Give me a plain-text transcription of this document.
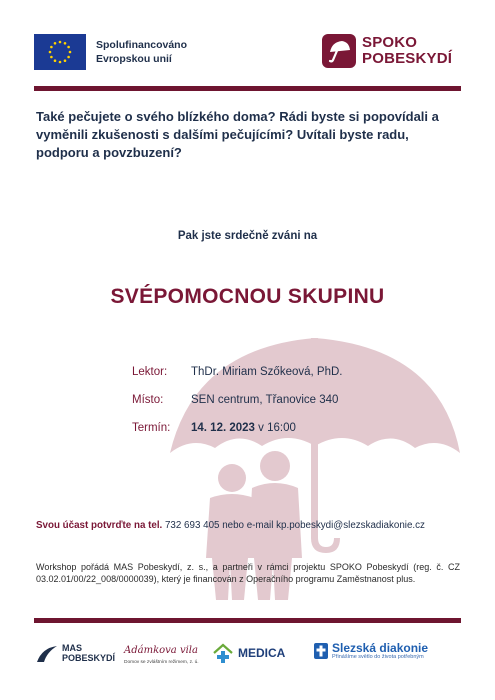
Spolufinancováno
Evropskou unií
SPOKO
POBESKYDÍ
Také pečujete o svého blízkého doma? Rádi byste si popovídali a vyměnili zkušenosti s dalšími pečujícími? Uvítali byste radu, podporu a povzbuzení?
Pak jste srdečně zváni na
SVÉPOMOCNOU SKUPINU
Lektor:	ThDr. Miriam Szőkeová, PhD.
Místo:	SEN centrum, Třanovice 340
Termín:	14. 12. 2023 v 16:00
Svou účast potvrďte na tel. 732 693 405 nebo e-mail kp.pobeskydi@slezskadiakonie.cz
Workshop pořádá MAS Pobeskydí, z. s., a partneři v rámci projektu SPOKO Pobeskydí (reg. č. CZ 03.02.01/00/22_008/0000039), který je financován z Operačního programu Zaměstnanost plus.
MAS
POBESKYDÍ
Adámkova vila
Domov se zvláštním režimem, z. ú.
MEDICA	Slezská diakonie
Přinášíme světlo do života potřebným
